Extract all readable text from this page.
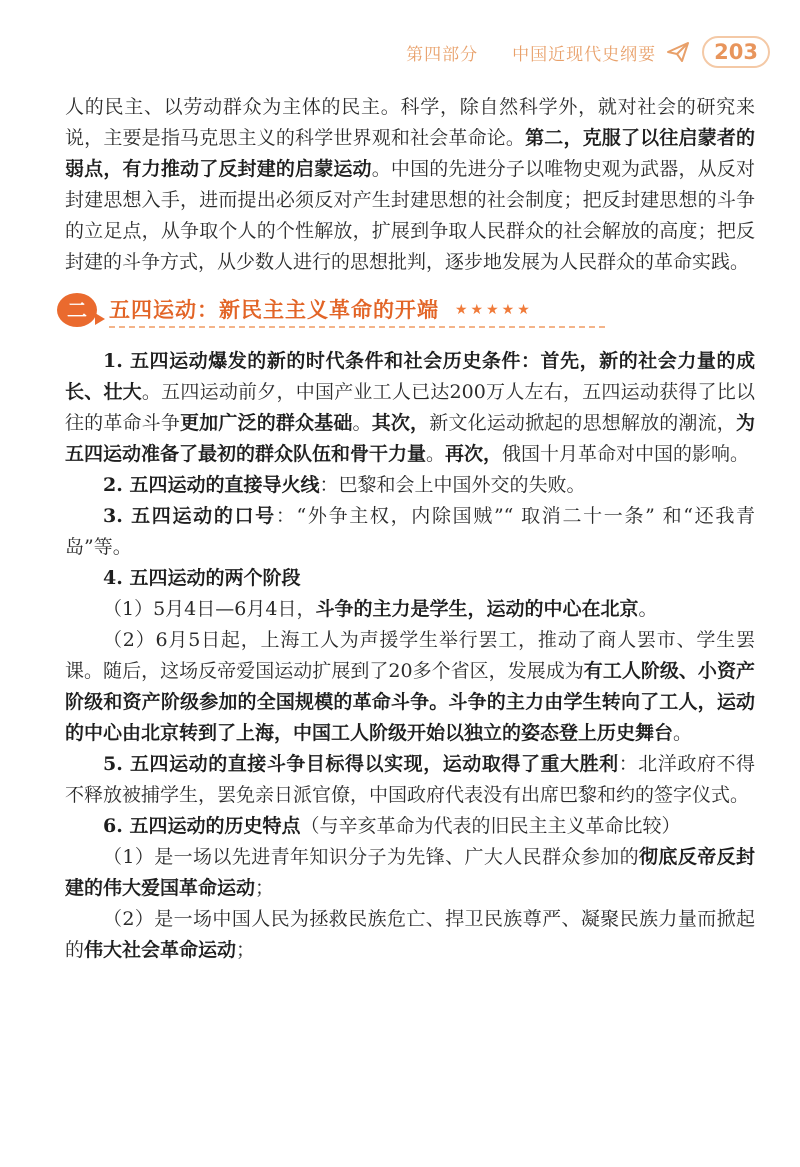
第四部分 中国近现代史纲要	203

人的民主、以劳动群众为主体的民主。科学，除自然科学外，就对社会的研究来说，主要是指马克思主义的科学世界观和社会革命论。第二，克服了以往启蒙者的弱点，有力推动了反封建的启蒙运动。中国的先进分子以唯物史观为武器，从反对封建思想入手，进而提出必须反对产生封建思想的社会制度；把反封建思想的斗争的立足点，从争取个人的个性解放，扩展到争取人民群众的社会解放的高度；把反封建的斗争方式，从少数人进行的思想批判，逐步地发展为人民群众的革命实践。

二	五四运动：新民主主义革命的开端 ★★★★★

1. 五四运动爆发的新的时代条件和社会历史条件：首先，新的社会力量的成长、壮大。五四运动前夕，中国产业工人已达200万人左右，五四运动获得了比以往的革命斗争更加广泛的群众基础。其次，新文化运动掀起的思想解放的潮流，为五四运动准备了最初的群众队伍和骨干力量。再次，俄国十月革命对中国的影响。

2. 五四运动的直接导火线：巴黎和会上中国外交的失败。

3. 五四运动的口号：“外争主权，内除国贼”“ 取消二十一条” 和“还我青岛”等。

4. 五四运动的两个阶段

（1）5月4日—6月4日，斗争的主力是学生，运动的中心在北京。

（2）6月5日起，上海工人为声援学生举行罢工，推动了商人罢市、学生罢课。随后，这场反帝爱国运动扩展到了20多个省区，发展成为有工人阶级、小资产阶级和资产阶级参加的全国规模的革命斗争。斗争的主力由学生转向了工人，运动的中心由北京转到了上海，中国工人阶级开始以独立的姿态登上历史舞台。

5. 五四运动的直接斗争目标得以实现，运动取得了重大胜利：北洋政府不得不释放被捕学生，罢免亲日派官僚，中国政府代表没有出席巴黎和约的签字仪式。

6. 五四运动的历史特点（与辛亥革命为代表的旧民主主义革命比较）

（1）是一场以先进青年知识分子为先锋、广大人民群众参加的彻底反帝反封建的伟大爱国革命运动；

（2）是一场中国人民为拯救民族危亡、捍卫民族尊严、凝聚民族力量而掀起的伟大社会革命运动；
